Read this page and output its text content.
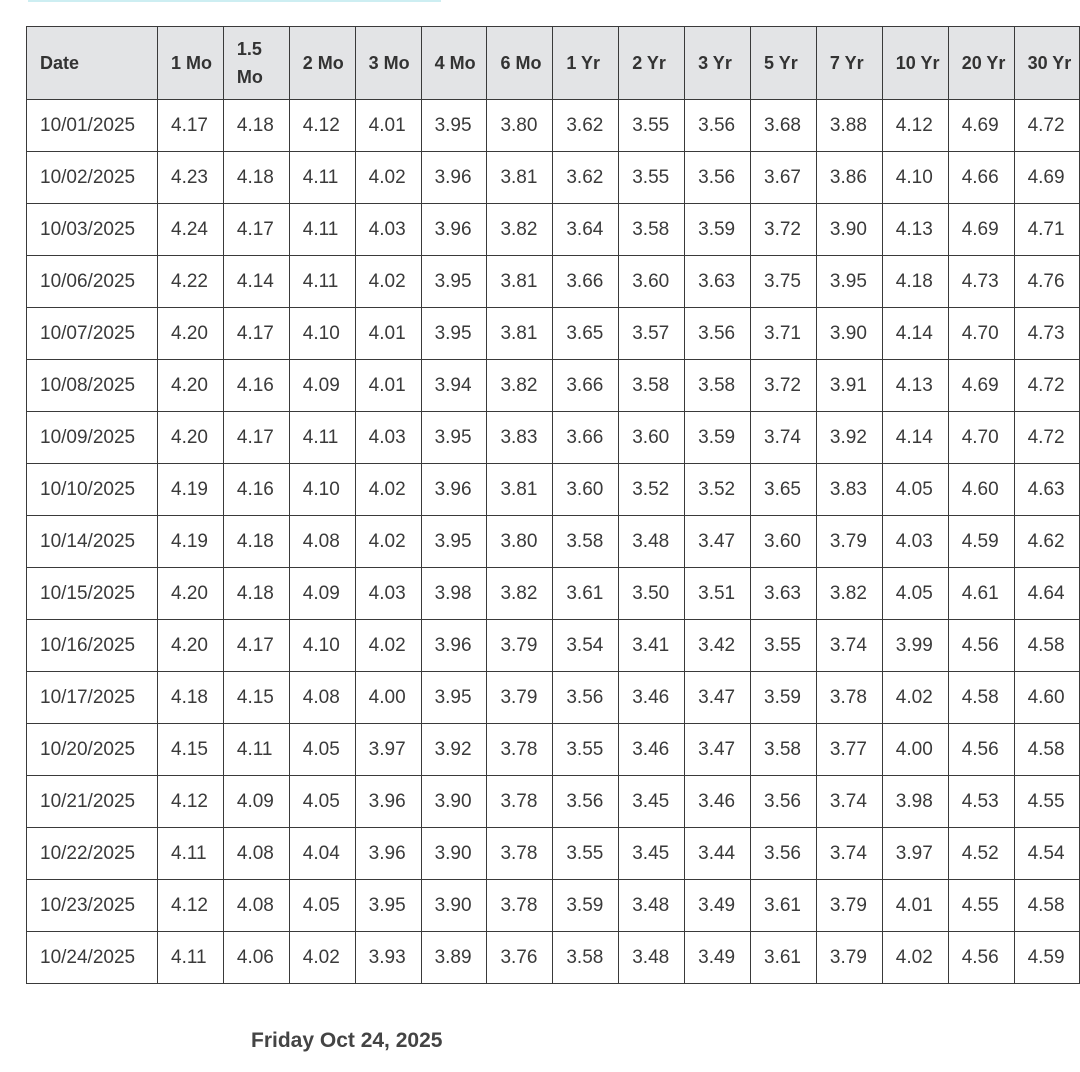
Date	1 Mo	1.5 Mo	2 Mo	3 Mo	4 Mo	6 Mo	1 Yr	2 Yr	3 Yr	5 Yr	7 Yr	10 Yr	20 Yr	30 Yr
10/01/2025	4.17	4.18	4.12	4.01	3.95	3.80	3.62	3.55	3.56	3.68	3.88	4.12	4.69	4.72
10/02/2025	4.23	4.18	4.11	4.02	3.96	3.81	3.62	3.55	3.56	3.67	3.86	4.10	4.66	4.69
10/03/2025	4.24	4.17	4.11	4.03	3.96	3.82	3.64	3.58	3.59	3.72	3.90	4.13	4.69	4.71
10/06/2025	4.22	4.14	4.11	4.02	3.95	3.81	3.66	3.60	3.63	3.75	3.95	4.18	4.73	4.76
10/07/2025	4.20	4.17	4.10	4.01	3.95	3.81	3.65	3.57	3.56	3.71	3.90	4.14	4.70	4.73
10/08/2025	4.20	4.16	4.09	4.01	3.94	3.82	3.66	3.58	3.58	3.72	3.91	4.13	4.69	4.72
10/09/2025	4.20	4.17	4.11	4.03	3.95	3.83	3.66	3.60	3.59	3.74	3.92	4.14	4.70	4.72
10/10/2025	4.19	4.16	4.10	4.02	3.96	3.81	3.60	3.52	3.52	3.65	3.83	4.05	4.60	4.63
10/14/2025	4.19	4.18	4.08	4.02	3.95	3.80	3.58	3.48	3.47	3.60	3.79	4.03	4.59	4.62
10/15/2025	4.20	4.18	4.09	4.03	3.98	3.82	3.61	3.50	3.51	3.63	3.82	4.05	4.61	4.64
10/16/2025	4.20	4.17	4.10	4.02	3.96	3.79	3.54	3.41	3.42	3.55	3.74	3.99	4.56	4.58
10/17/2025	4.18	4.15	4.08	4.00	3.95	3.79	3.56	3.46	3.47	3.59	3.78	4.02	4.58	4.60
10/20/2025	4.15	4.11	4.05	3.97	3.92	3.78	3.55	3.46	3.47	3.58	3.77	4.00	4.56	4.58
10/21/2025	4.12	4.09	4.05	3.96	3.90	3.78	3.56	3.45	3.46	3.56	3.74	3.98	4.53	4.55
10/22/2025	4.11	4.08	4.04	3.96	3.90	3.78	3.55	3.45	3.44	3.56	3.74	3.97	4.52	4.54
10/23/2025	4.12	4.08	4.05	3.95	3.90	3.78	3.59	3.48	3.49	3.61	3.79	4.01	4.55	4.58
10/24/2025	4.11	4.06	4.02	3.93	3.89	3.76	3.58	3.48	3.49	3.61	3.79	4.02	4.56	4.59
Friday Oct 24, 2025
